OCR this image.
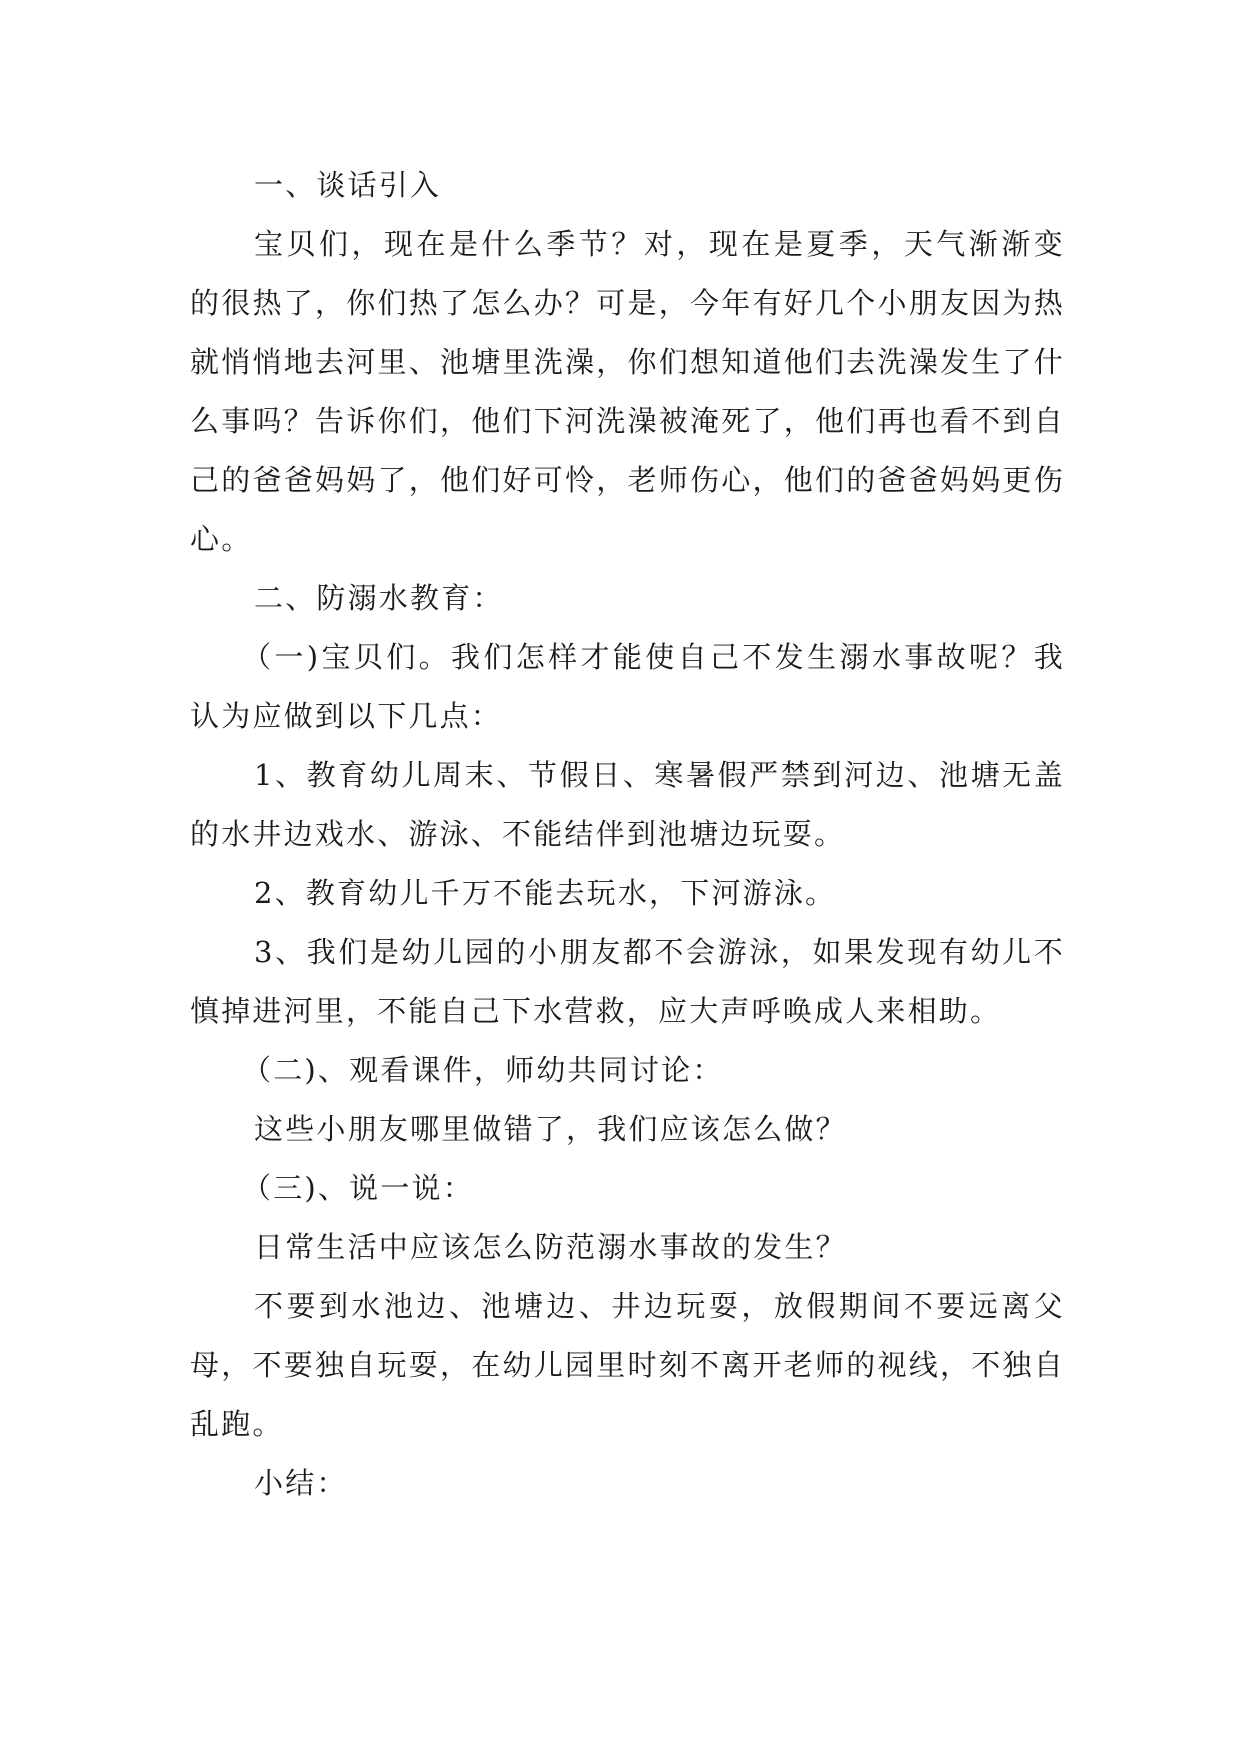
一、谈话引入

宝贝们，现在是什么季节？对，现在是夏季，天气渐渐变的很热了，你们热了怎么办？可是，今年有好几个小朋友因为热就悄悄地去河里、池塘里洗澡，你们想知道他们去洗澡发生了什么事吗？告诉你们，他们下河洗澡被淹死了，他们再也看不到自己的爸爸妈妈了，他们好可怜，老师伤心，他们的爸爸妈妈更伤心。

二、防溺水教育：

（一)宝贝们。我们怎样才能使自己不发生溺水事故呢？我认为应做到以下几点：

1、教育幼儿周末、节假日、寒暑假严禁到河边、池塘无盖的水井边戏水、游泳、不能结伴到池塘边玩耍。

2、教育幼儿千万不能去玩水，下河游泳。

3、我们是幼儿园的小朋友都不会游泳，如果发现有幼儿不慎掉进河里，不能自己下水营救，应大声呼唤成人来相助。

（二)、观看课件，师幼共同讨论：

这些小朋友哪里做错了，我们应该怎么做？

（三)、说一说：

日常生活中应该怎么防范溺水事故的发生？

不要到水池边、池塘边、井边玩耍，放假期间不要远离父母，不要独自玩耍，在幼儿园里时刻不离开老师的视线，不独自乱跑。

小结：
